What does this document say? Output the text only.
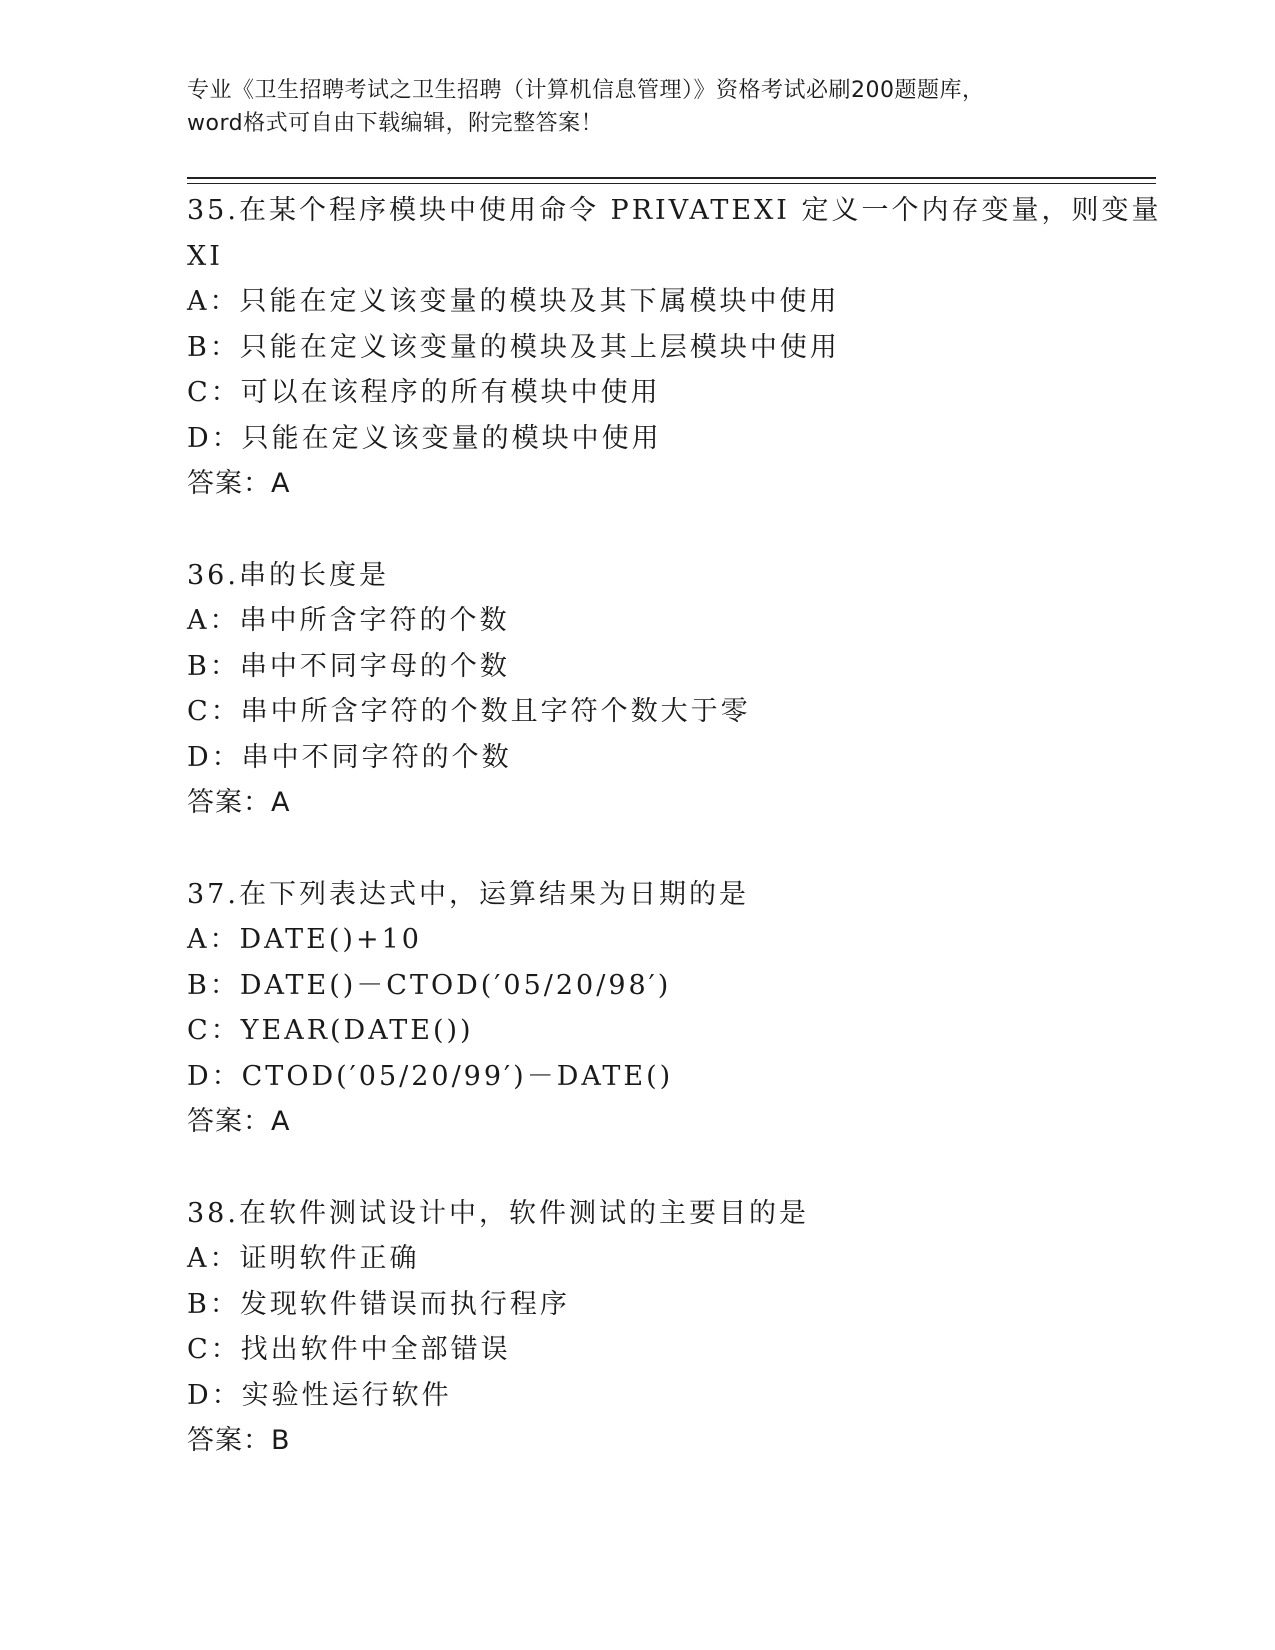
专业《卫生招聘考试之卫生招聘（计算机信息管理）》资格考试必刷200题题库，
word格式可自由下载编辑，附完整答案！
35.在某个程序模块中使用命令 PRIVATEXI 定义一个内存变量，则变量
XI
A：只能在定义该变量的模块及其下属模块中使用
B：只能在定义该变量的模块及其上层模块中使用
C：可以在该程序的所有模块中使用
D：只能在定义该变量的模块中使用
答案：A
36.串的长度是
A：串中所含字符的个数
B：串中不同字母的个数
C：串中所含字符的个数且字符个数大于零
D：串中不同字符的个数
答案：A
37.在下列表达式中，运算结果为日期的是
A：DATE()+10
B：DATE()－CTOD(′05/20/98′)
C：YEAR(DATE())
D：CTOD(′05/20/99′)－DATE()
答案：A
38.在软件测试设计中，软件测试的主要目的是
A：证明软件正确
B：发现软件错误而执行程序
C：找出软件中全部错误
D：实验性运行软件
答案：B
